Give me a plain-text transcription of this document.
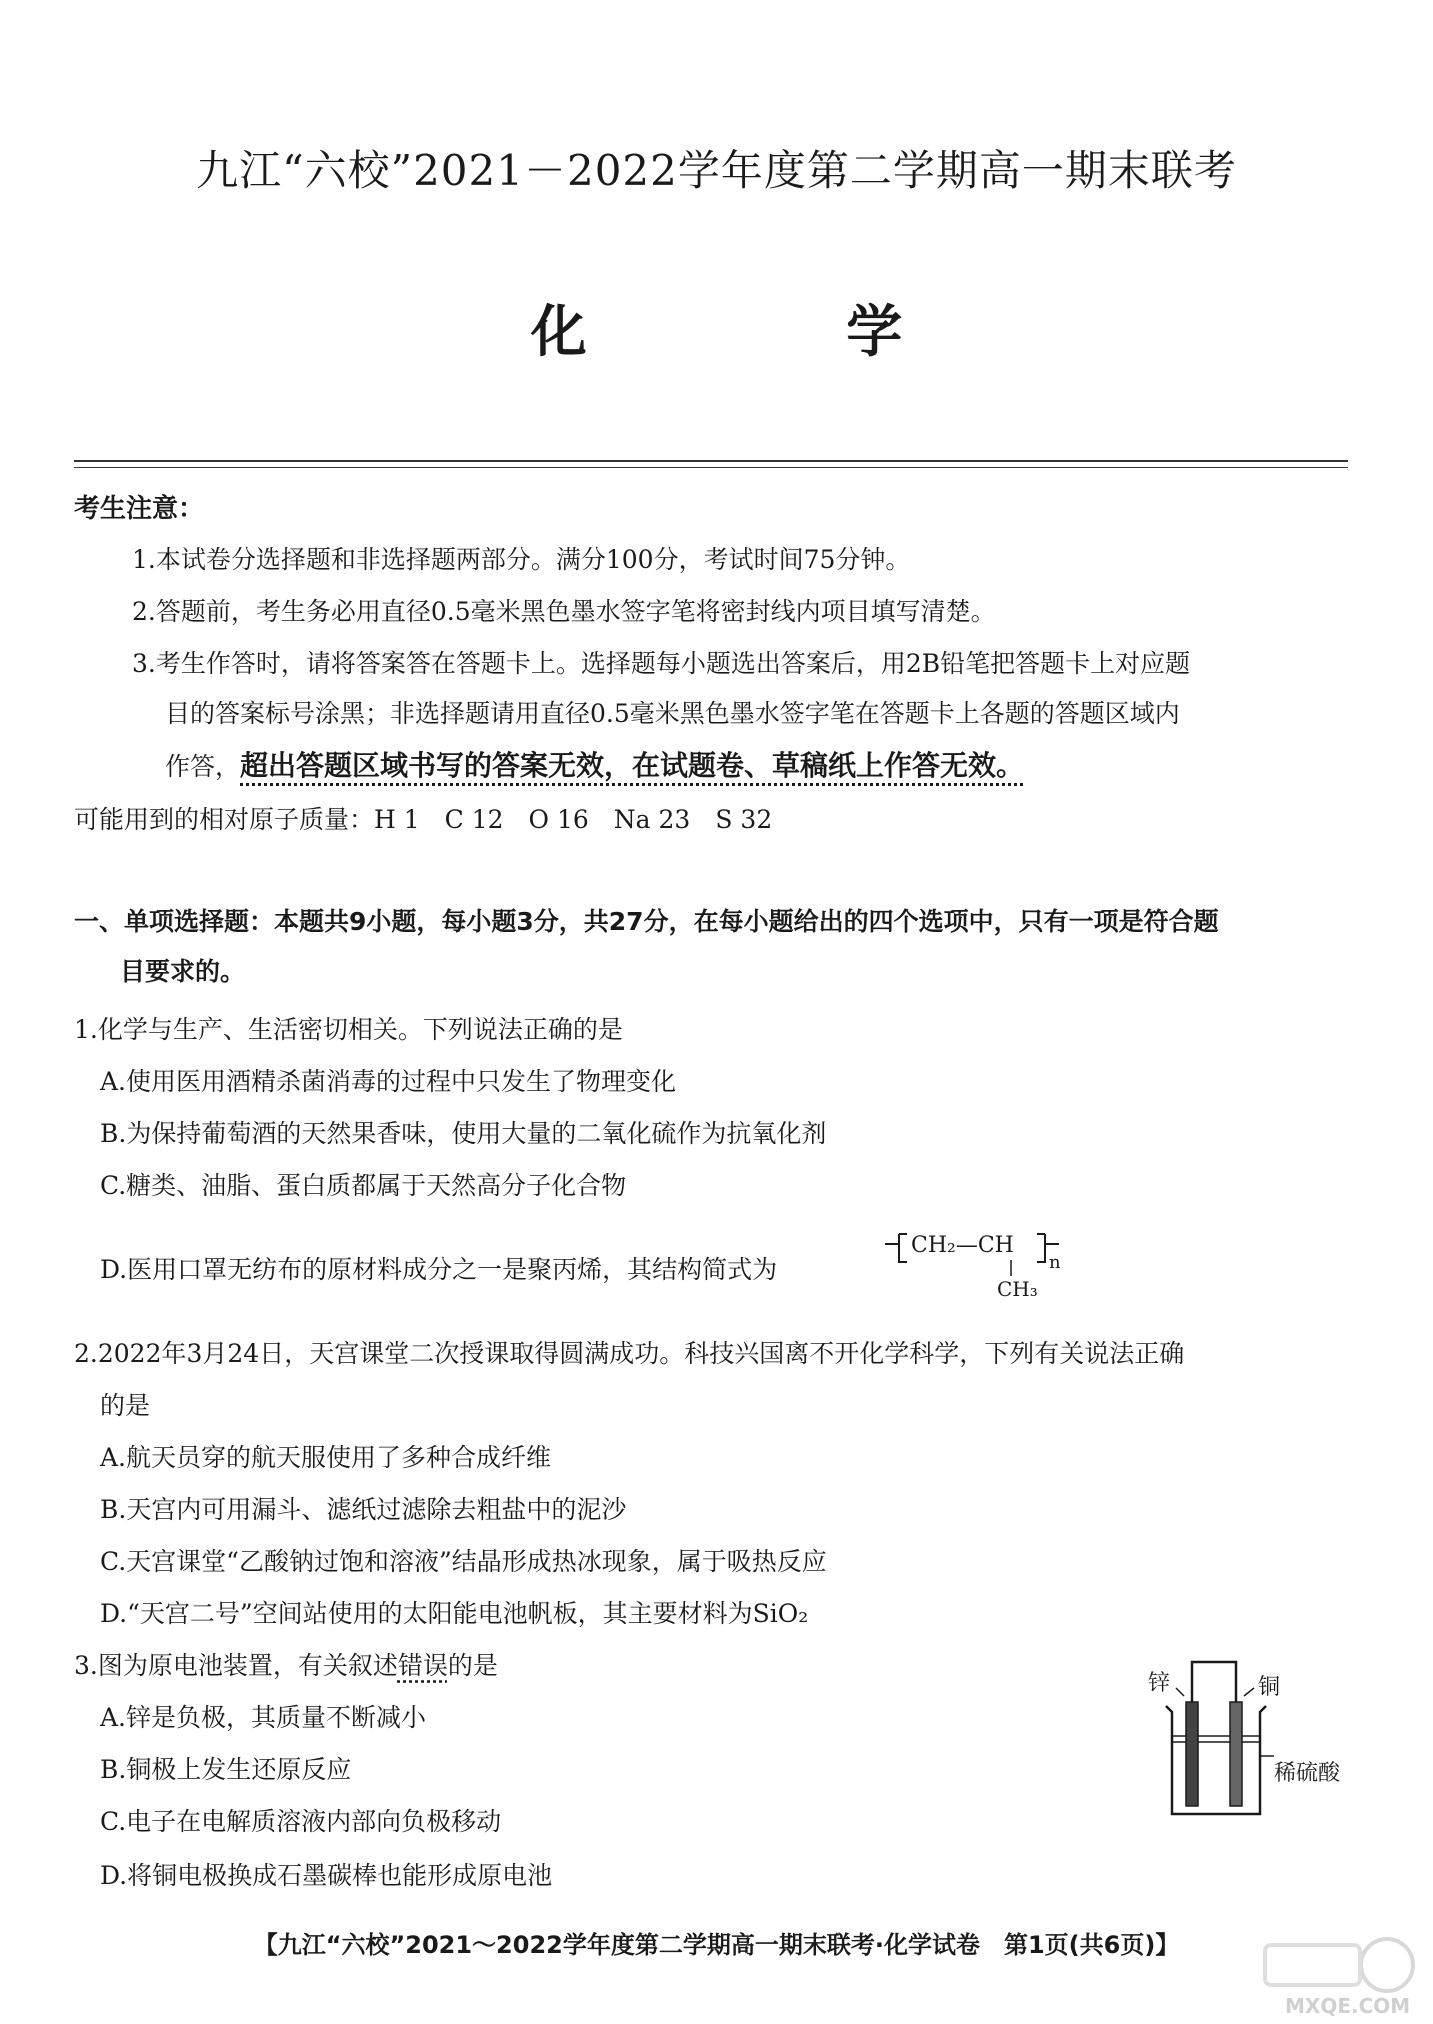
九江“六校”2021－2022学年度第二学期高一期末联考
化 学
考生注意：
1.本试卷分选择题和非选择题两部分。满分100分，考试时间75分钟。
2.答题前，考生务必用直径0.5毫米黑色墨水签字笔将密封线内项目填写清楚。
3.考生作答时，请将答案答在答题卡上。选择题每小题选出答案后，用2B铅笔把答题卡上对应题
目的答案标号涂黑；非选择题请用直径0.5毫米黑色墨水签字笔在答题卡上各题的答题区域内
作答，超出答题区域书写的答案无效，在试题卷、草稿纸上作答无效。
可能用到的相对原子质量：H 1　C 12　O 16　Na 23　S 32
一、单项选择题：本题共9小题，每小题3分，共27分，在每小题给出的四个选项中，只有一项是符合题
目要求的。
1.化学与生产、生活密切相关。下列说法正确的是
A.使用医用酒精杀菌消毒的过程中只发生了物理变化
B.为保持葡萄酒的天然果香味，使用大量的二氧化硫作为抗氧化剂
C.糖类、油脂、蛋白质都属于天然高分子化合物
D.医用口罩无纺布的原材料成分之一是聚丙烯，其结构简式为
CH₂—CH
n
CH₃
2.2022年3月24日，天宫课堂二次授课取得圆满成功。科技兴国离不开化学科学，下列有关说法正确
的是
A.航天员穿的航天服使用了多种合成纤维
B.天宫内可用漏斗、滤纸过滤除去粗盐中的泥沙
C.天宫课堂“乙酸钠过饱和溶液”结晶形成热冰现象，属于吸热反应
D.“天宫二号”空间站使用的太阳能电池帆板，其主要材料为SiO₂
3.图为原电池装置，有关叙述错误的是
A.锌是负极，其质量不断减小
B.铜极上发生还原反应
C.电子在电解质溶液内部向负极移动
D.将铜电极换成石墨碳棒也能形成原电池
锌	铜
稀硫酸
【九江“六校”2021～2022学年度第二学期高一期末联考·化学试卷　第1页(共6页)】
MXQE.COM
